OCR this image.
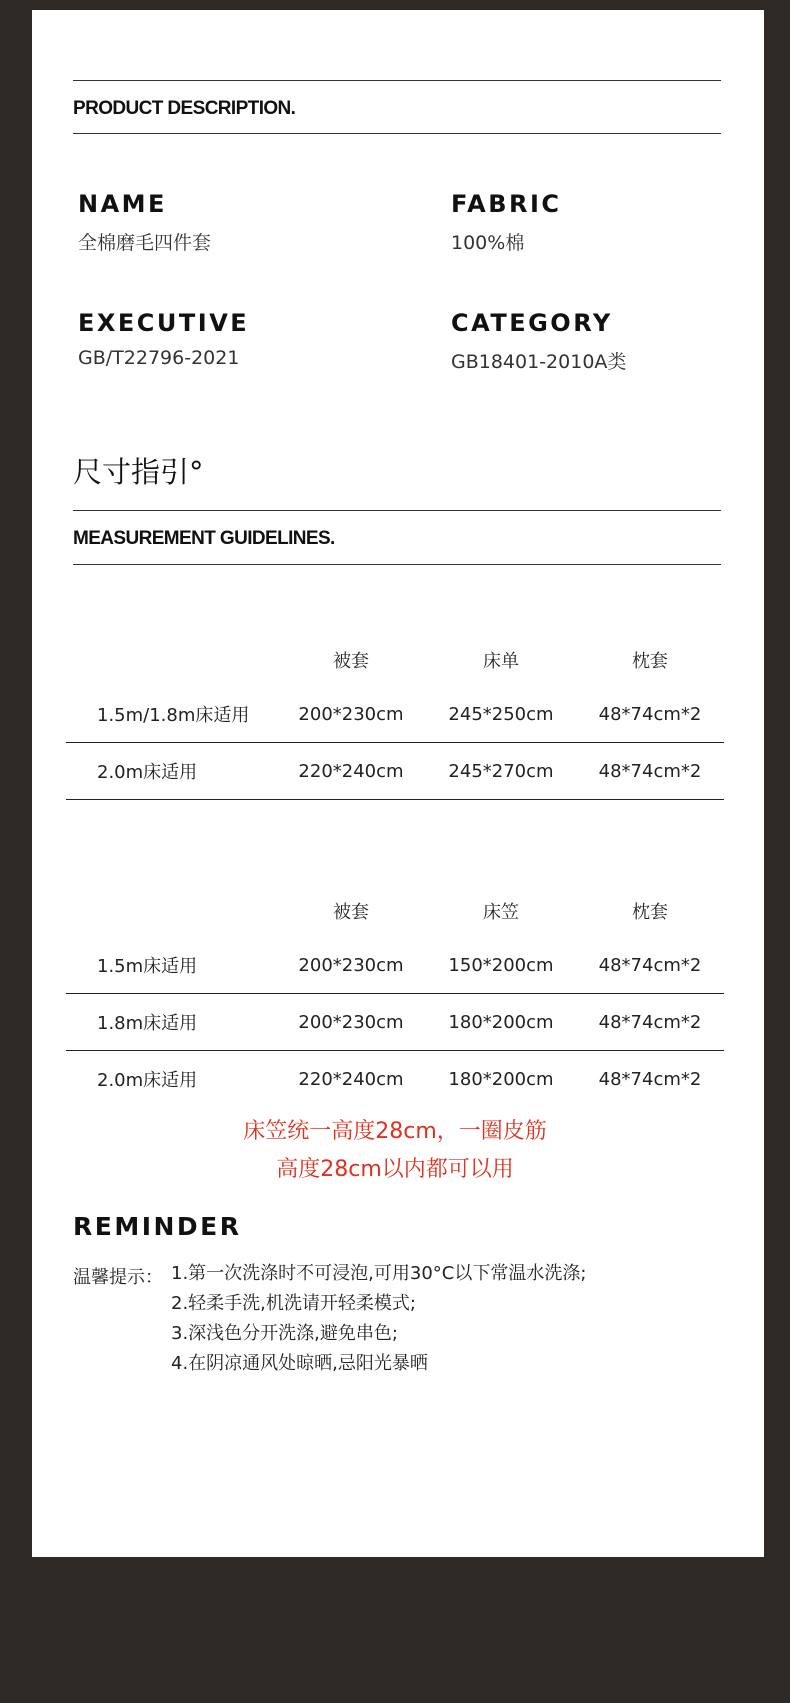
PRODUCT DESCRIPTION.
NAME
全棉磨毛四件套
FABRIC
100%棉
EXECUTIVE
GB/T22796-2021
CATEGORY
GB18401-2010A类
尺寸指引°
MEASUREMENT GUIDELINES.
	被套	床单	枕套
1.5m/1.8m床适用	200*230cm	245*250cm	48*74cm*2
2.0m床适用	220*240cm	245*270cm	48*74cm*2
	被套	床笠	枕套
1.5m床适用	200*230cm	150*200cm	48*74cm*2
1.8m床适用	200*230cm	180*200cm	48*74cm*2
2.0m床适用	220*240cm	180*200cm	48*74cm*2
床笠统一高度28cm，一圈皮筋
高度28cm以内都可以用
REMINDER
温馨提示： 1.第一次洗涤时不可浸泡,可用30°C以下常温水洗涤;
2.轻柔手洗,机洗请开轻柔模式;
3.深浅色分开洗涤,避免串色;
4.在阴凉通风处晾晒,忌阳光暴晒
